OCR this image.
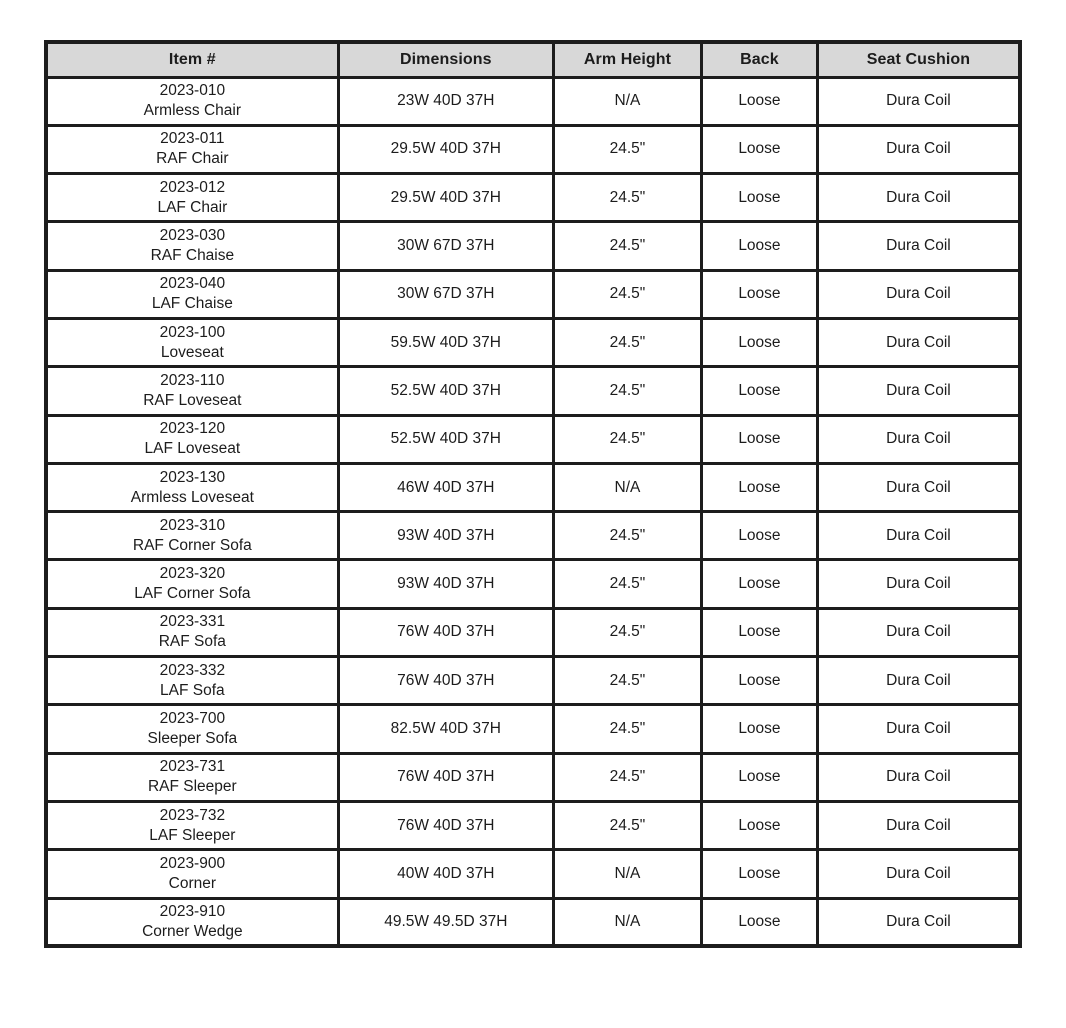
Item #	Dimensions	Arm Height	Back	Seat Cushion

2023-010
Armless Chair	23W 40D 37H	N/A	Loose	Dura Coil

2023-011
RAF Chair	29.5W 40D 37H	24.5"	Loose	Dura Coil

2023-012
LAF Chair	29.5W 40D 37H	24.5"	Loose	Dura Coil

2023-030
RAF Chaise	30W 67D 37H	24.5"	Loose	Dura Coil

2023-040
LAF Chaise	30W 67D 37H	24.5"	Loose	Dura Coil

2023-100
Loveseat	59.5W 40D 37H	24.5"	Loose	Dura Coil

2023-110
RAF Loveseat	52.5W 40D 37H	24.5"	Loose	Dura Coil

2023-120
LAF Loveseat	52.5W 40D 37H	24.5"	Loose	Dura Coil

2023-130
Armless Loveseat	46W 40D 37H	N/A	Loose	Dura Coil

2023-310
RAF Corner Sofa	93W 40D 37H	24.5"	Loose	Dura Coil

2023-320
LAF Corner Sofa	93W 40D 37H	24.5"	Loose	Dura Coil

2023-331
RAF Sofa	76W 40D 37H	24.5"	Loose	Dura Coil

2023-332
LAF Sofa	76W 40D 37H	24.5"	Loose	Dura Coil

2023-700
Sleeper Sofa	82.5W 40D 37H	24.5"	Loose	Dura Coil

2023-731
RAF Sleeper	76W 40D 37H	24.5"	Loose	Dura Coil

2023-732
LAF Sleeper	76W 40D 37H	24.5"	Loose	Dura Coil

2023-900
Corner	40W 40D 37H	N/A	Loose	Dura Coil

2023-910
Corner Wedge	49.5W 49.5D 37H	N/A	Loose	Dura Coil
